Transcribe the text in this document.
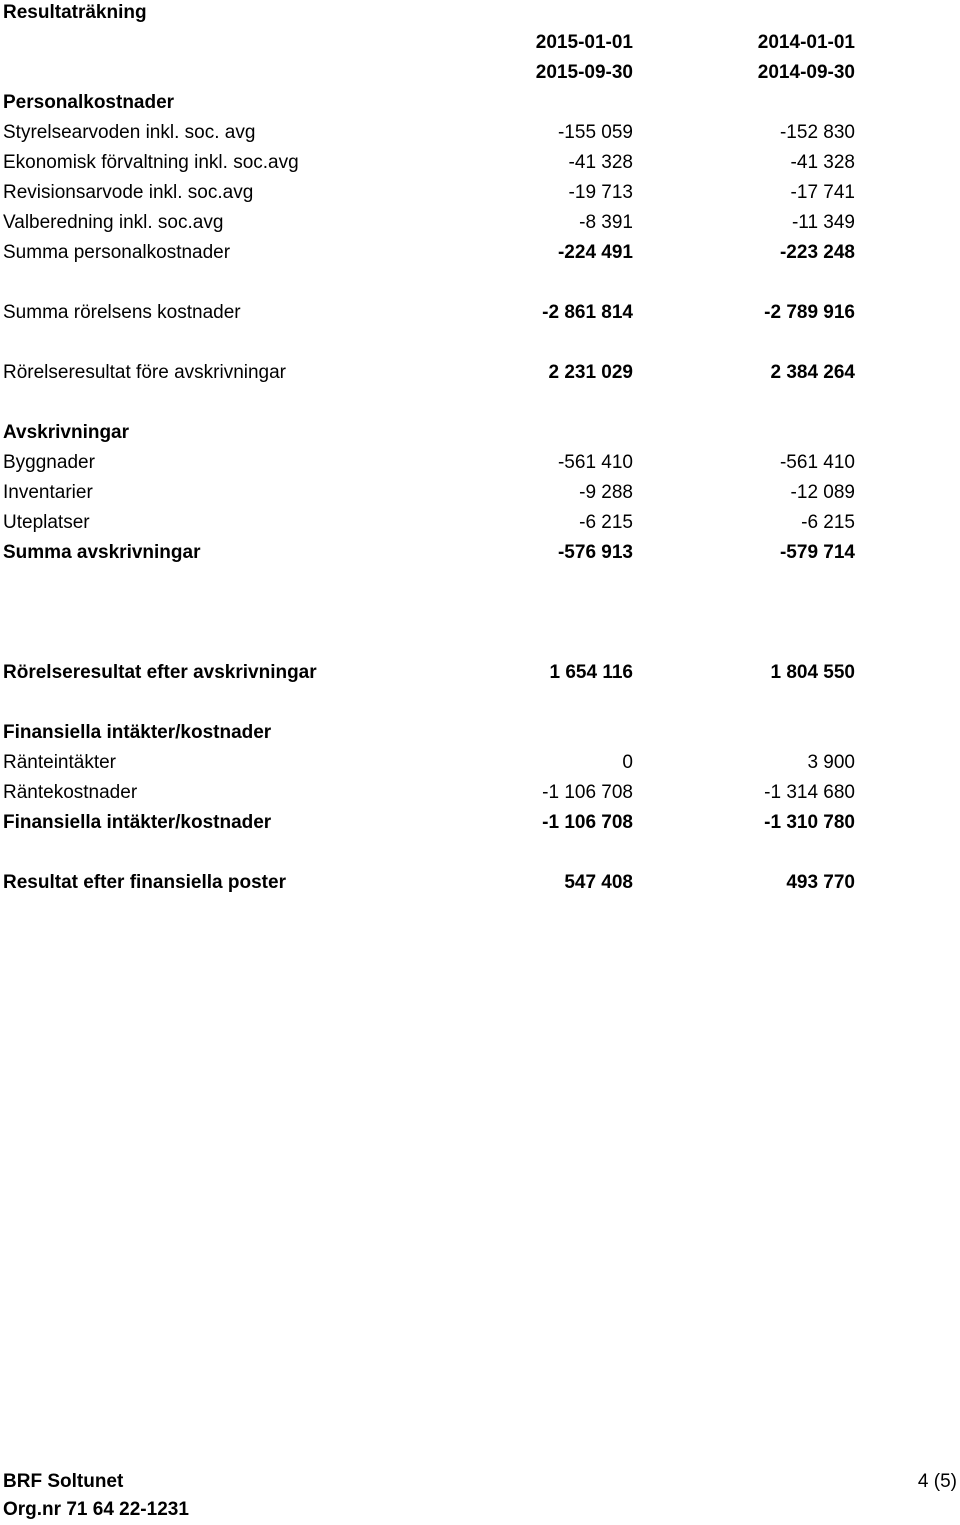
Resultaträkning
2015-01-01	2014-01-01
2015-09-30	2014-09-30
Personalkostnader
Styrelsearvoden inkl. soc. avg	-155 059	-152 830
Ekonomisk förvaltning inkl. soc.avg	-41 328	-41 328
Revisionsarvode inkl. soc.avg	-19 713	-17 741
Valberedning inkl. soc.avg	-8 391	-11 349
Summa personalkostnader	-224 491	-223 248
Summa rörelsens kostnader	-2 861 814	-2 789 916
Rörelseresultat före avskrivningar	2 231 029	2 384 264
Avskrivningar
Byggnader	-561 410	-561 410
Inventarier	-9 288	-12 089
Uteplatser	-6 215	-6 215
Summa avskrivningar	-576 913	-579 714
Rörelseresultat efter avskrivningar	1 654 116	1 804 550
Finansiella intäkter/kostnader
Ränteintäkter	0	3 900
Räntekostnader	-1 106 708	-1 314 680
Finansiella intäkter/kostnader	-1 106 708	-1 310 780
Resultat efter finansiella poster	547 408	493 770
BRF Soltunet	4 (5)
Org.nr 71 64 22-1231
